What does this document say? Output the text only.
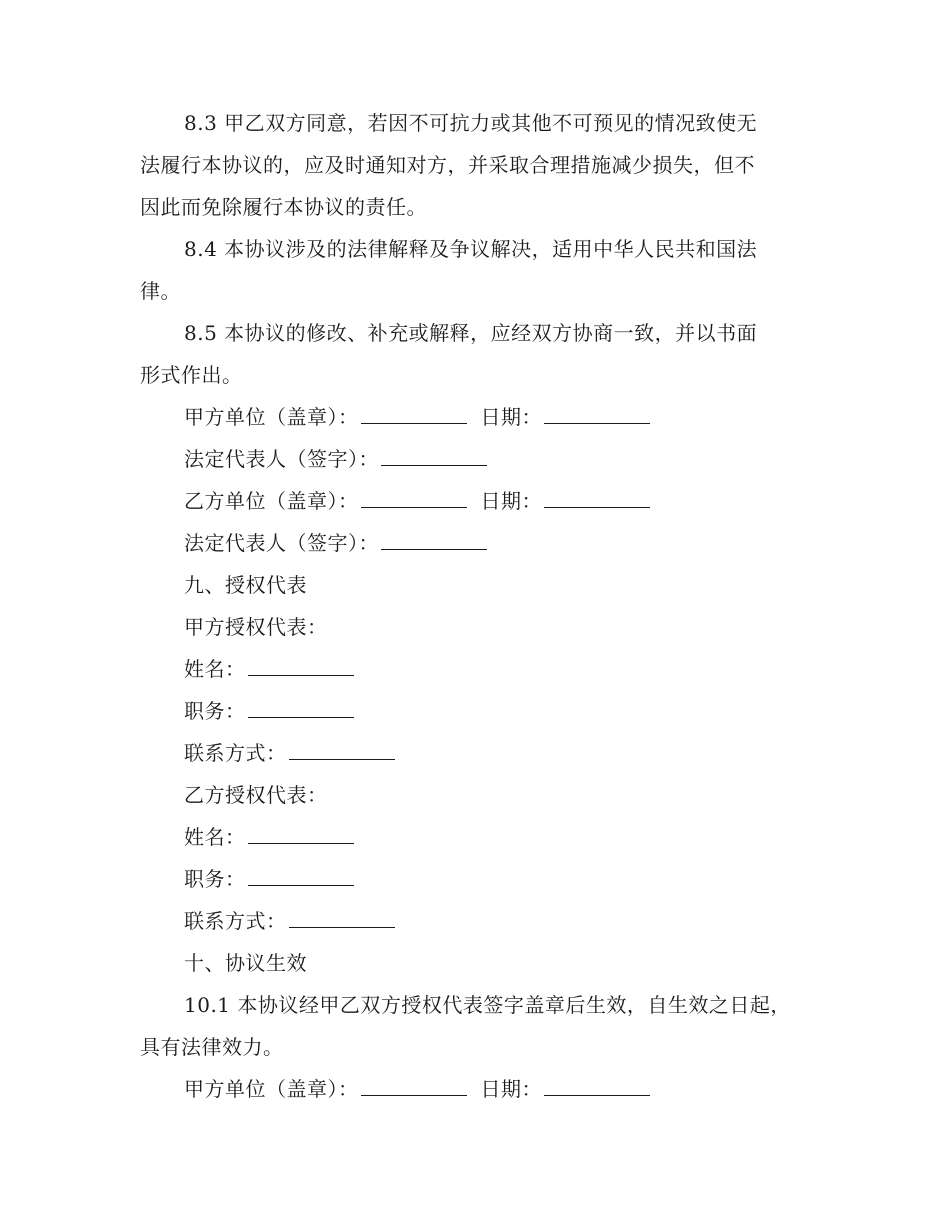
8.3 甲乙双方同意，若因不可抗力或其他不可预见的情况致使无
法履行本协议的，应及时通知对方，并采取合理措施减少损失，但不
因此而免除履行本协议的责任。
8.4 本协议涉及的法律解释及争议解决，适用中华人民共和国法
律。
8.5 本协议的修改、补充或解释，应经双方协商一致，并以书面
形式作出。
甲方单位（盖章）：	日期：
法定代表人（签字）：
乙方单位（盖章）：	日期：
法定代表人（签字）：
九、授权代表
甲方授权代表：
姓名：
职务：
联系方式：
乙方授权代表：
姓名：
职务：
联系方式：
十、协议生效
10.1 本协议经甲乙双方授权代表签字盖章后生效，自生效之日起，
具有法律效力。
甲方单位（盖章）：	日期：
